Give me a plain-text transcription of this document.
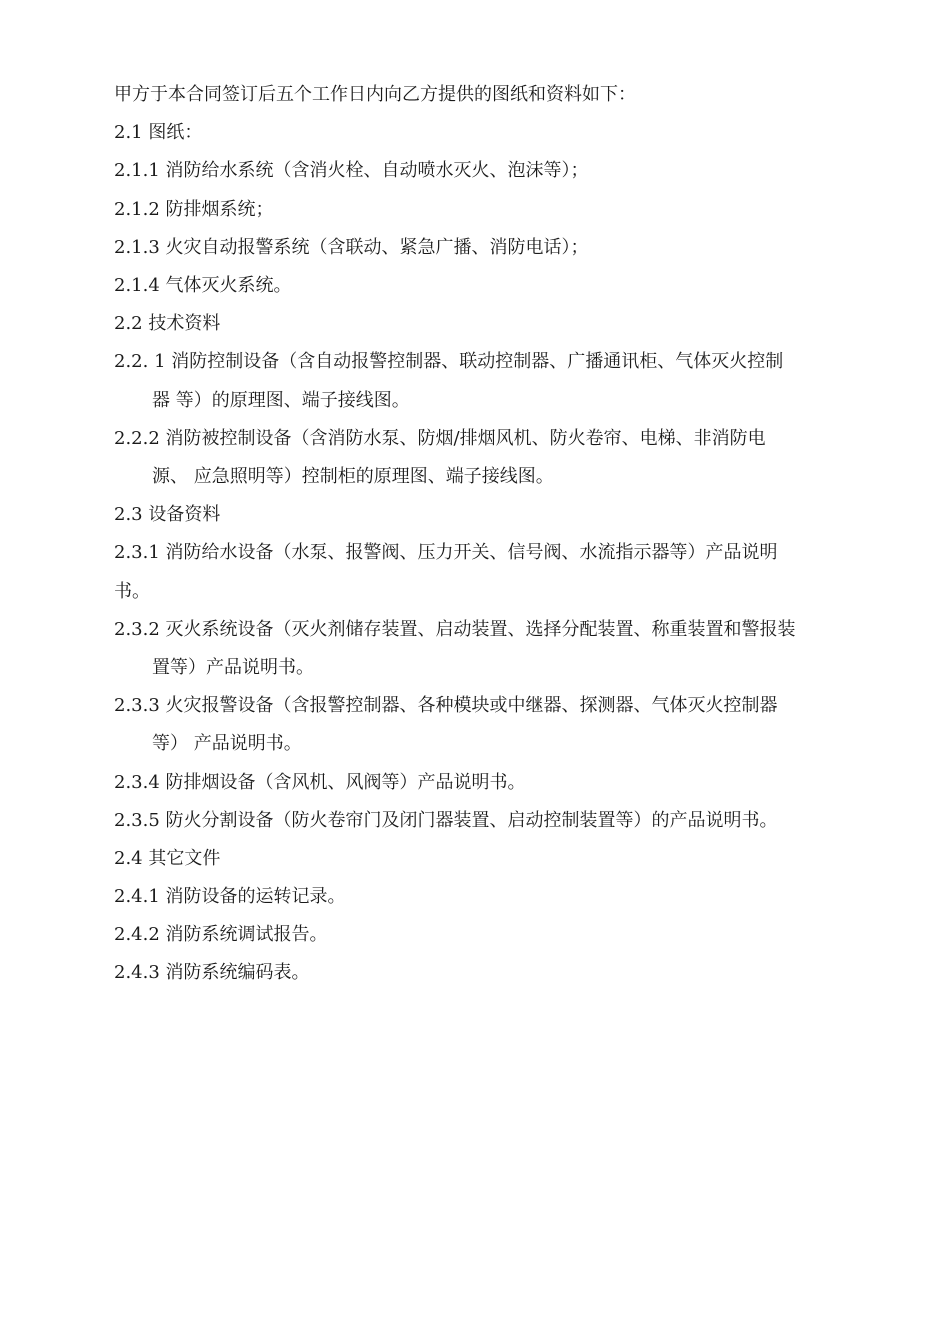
甲方于本合同签订后五个工作日内向乙方提供的图纸和资料如下：

2.1 图纸：

2.1.1 消防给水系统（含消火栓、自动喷水灭火、泡沫等）；

2.1.2 防排烟系统；

2.1.3 火灾自动报警系统（含联动、紧急广播、消防电话）；

2.1.4 气体灭火系统。

2.2 技术资料

2.2. 1 消防控制设备（含自动报警控制器、联动控制器、广播通讯柜、气体灭火控制
器 等）的原理图、端子接线图。
2.2.2 消防被控制设备（含消防水泵、防烟/排烟风机、防火卷帘、电梯、非消防电
源、 应急照明等）控制柜的原理图、端子接线图。

2.3 设备资料

2.3.1 消防给水设备（水泵、报警阀、压力开关、信号阀、水流指示器等）产品说明
书。
2.3.2 灭火系统设备（灭火剂储存装置、启动装置、选择分配装置、称重装置和警报装
置等）产品说明书。
2.3.3 火灾报警设备（含报警控制器、各种模块或中继器、探测器、气体灭火控制器
等） 产品说明书。

2.3.4 防排烟设备（含风机、风阀等）产品说明书。

2.3.5 防火分割设备（防火卷帘门及闭门器装置、启动控制装置等）的产品说明书。

2.4 其它文件

2.4.1 消防设备的运转记录。

2.4.2 消防系统调试报告。

2.4.3 消防系统编码表。
